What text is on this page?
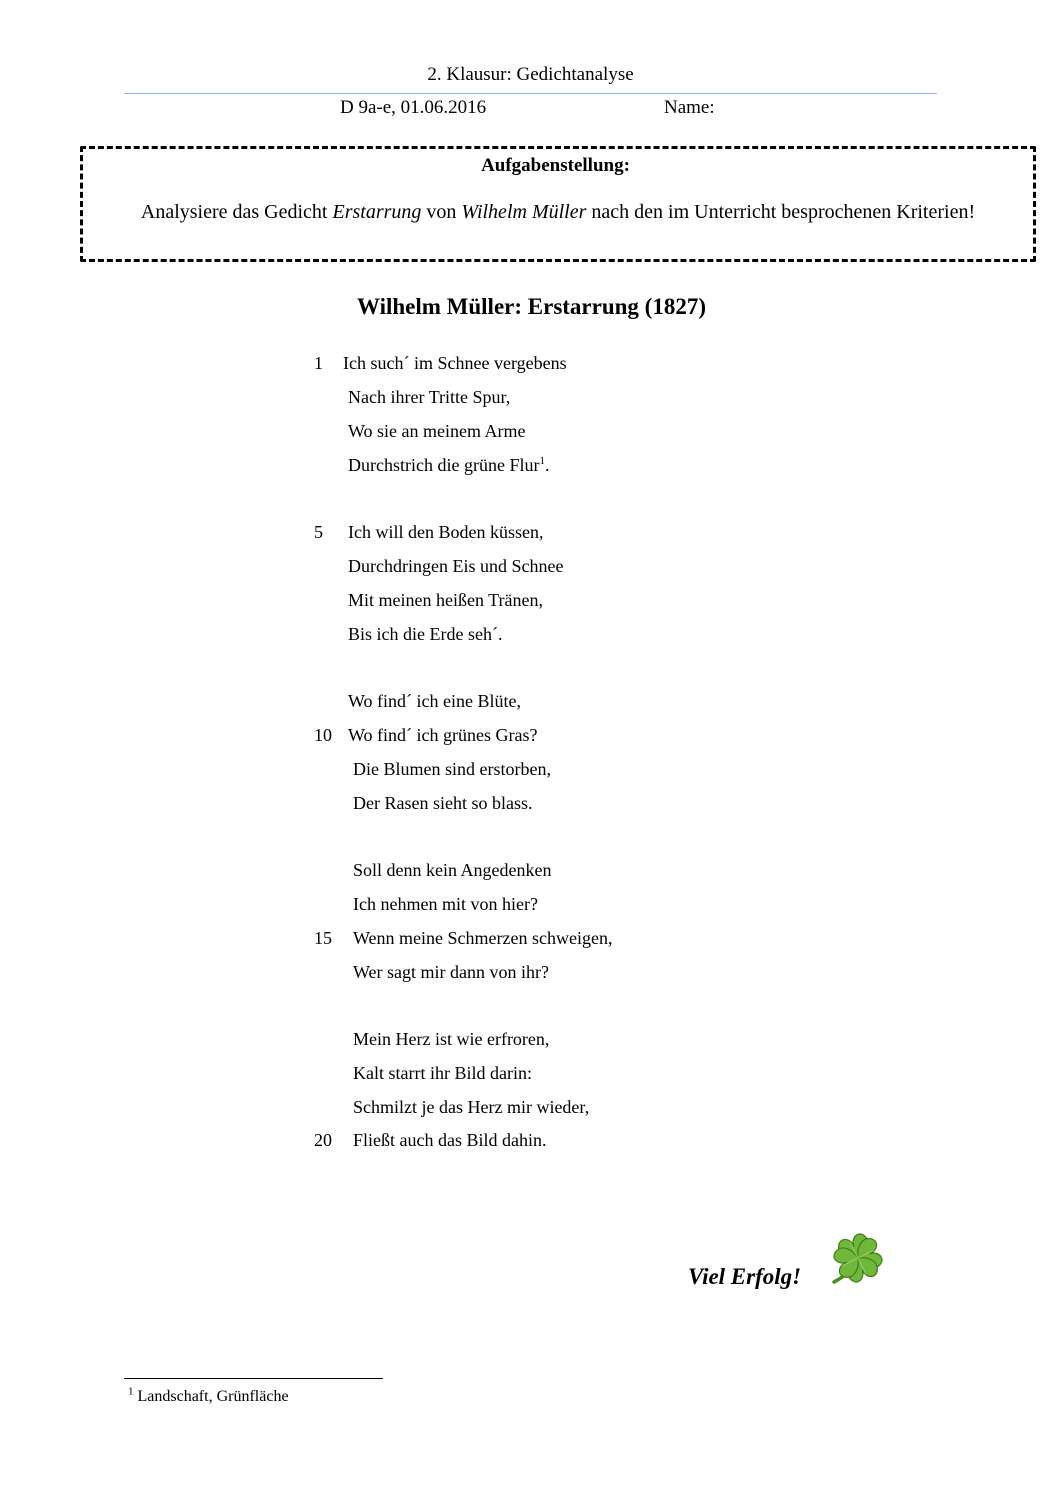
2. Klausur: Gedichtanalyse
D 9a-e, 01.06.2016	Name:
Aufgabenstellung:
Analysiere das Gedicht Erstarrung von Wilhelm Müller nach den im Unterricht besprochenen Kriterien!
Wilhelm Müller: Erstarrung (1827)
1
5
10
15
20
Ich such´ im Schnee vergebens
Nach ihrer Tritte Spur,
Wo sie an meinem Arme
Durchstrich die grüne Flur$^1$.
Ich will den Boden küssen,
Durchdringen Eis und Schnee
Mit meinen heißen Tränen,
Bis ich die Erde seh´.
Wo find´ ich eine Blüte,
Wo find´ ich grünes Gras?
Die Blumen sind erstorben,
Der Rasen sieht so blass.
Soll denn kein Angedenken
Ich nehmen mit von hier?
Wenn meine Schmerzen schweigen,
Wer sagt mir dann von ihr?
Mein Herz ist wie erfroren,
Kalt starrt ihr Bild darin:
Schmilzt je das Herz mir wieder,
Fließt auch das Bild dahin.
Viel Erfolg!
$^1$ Landschaft, Grünfläche
